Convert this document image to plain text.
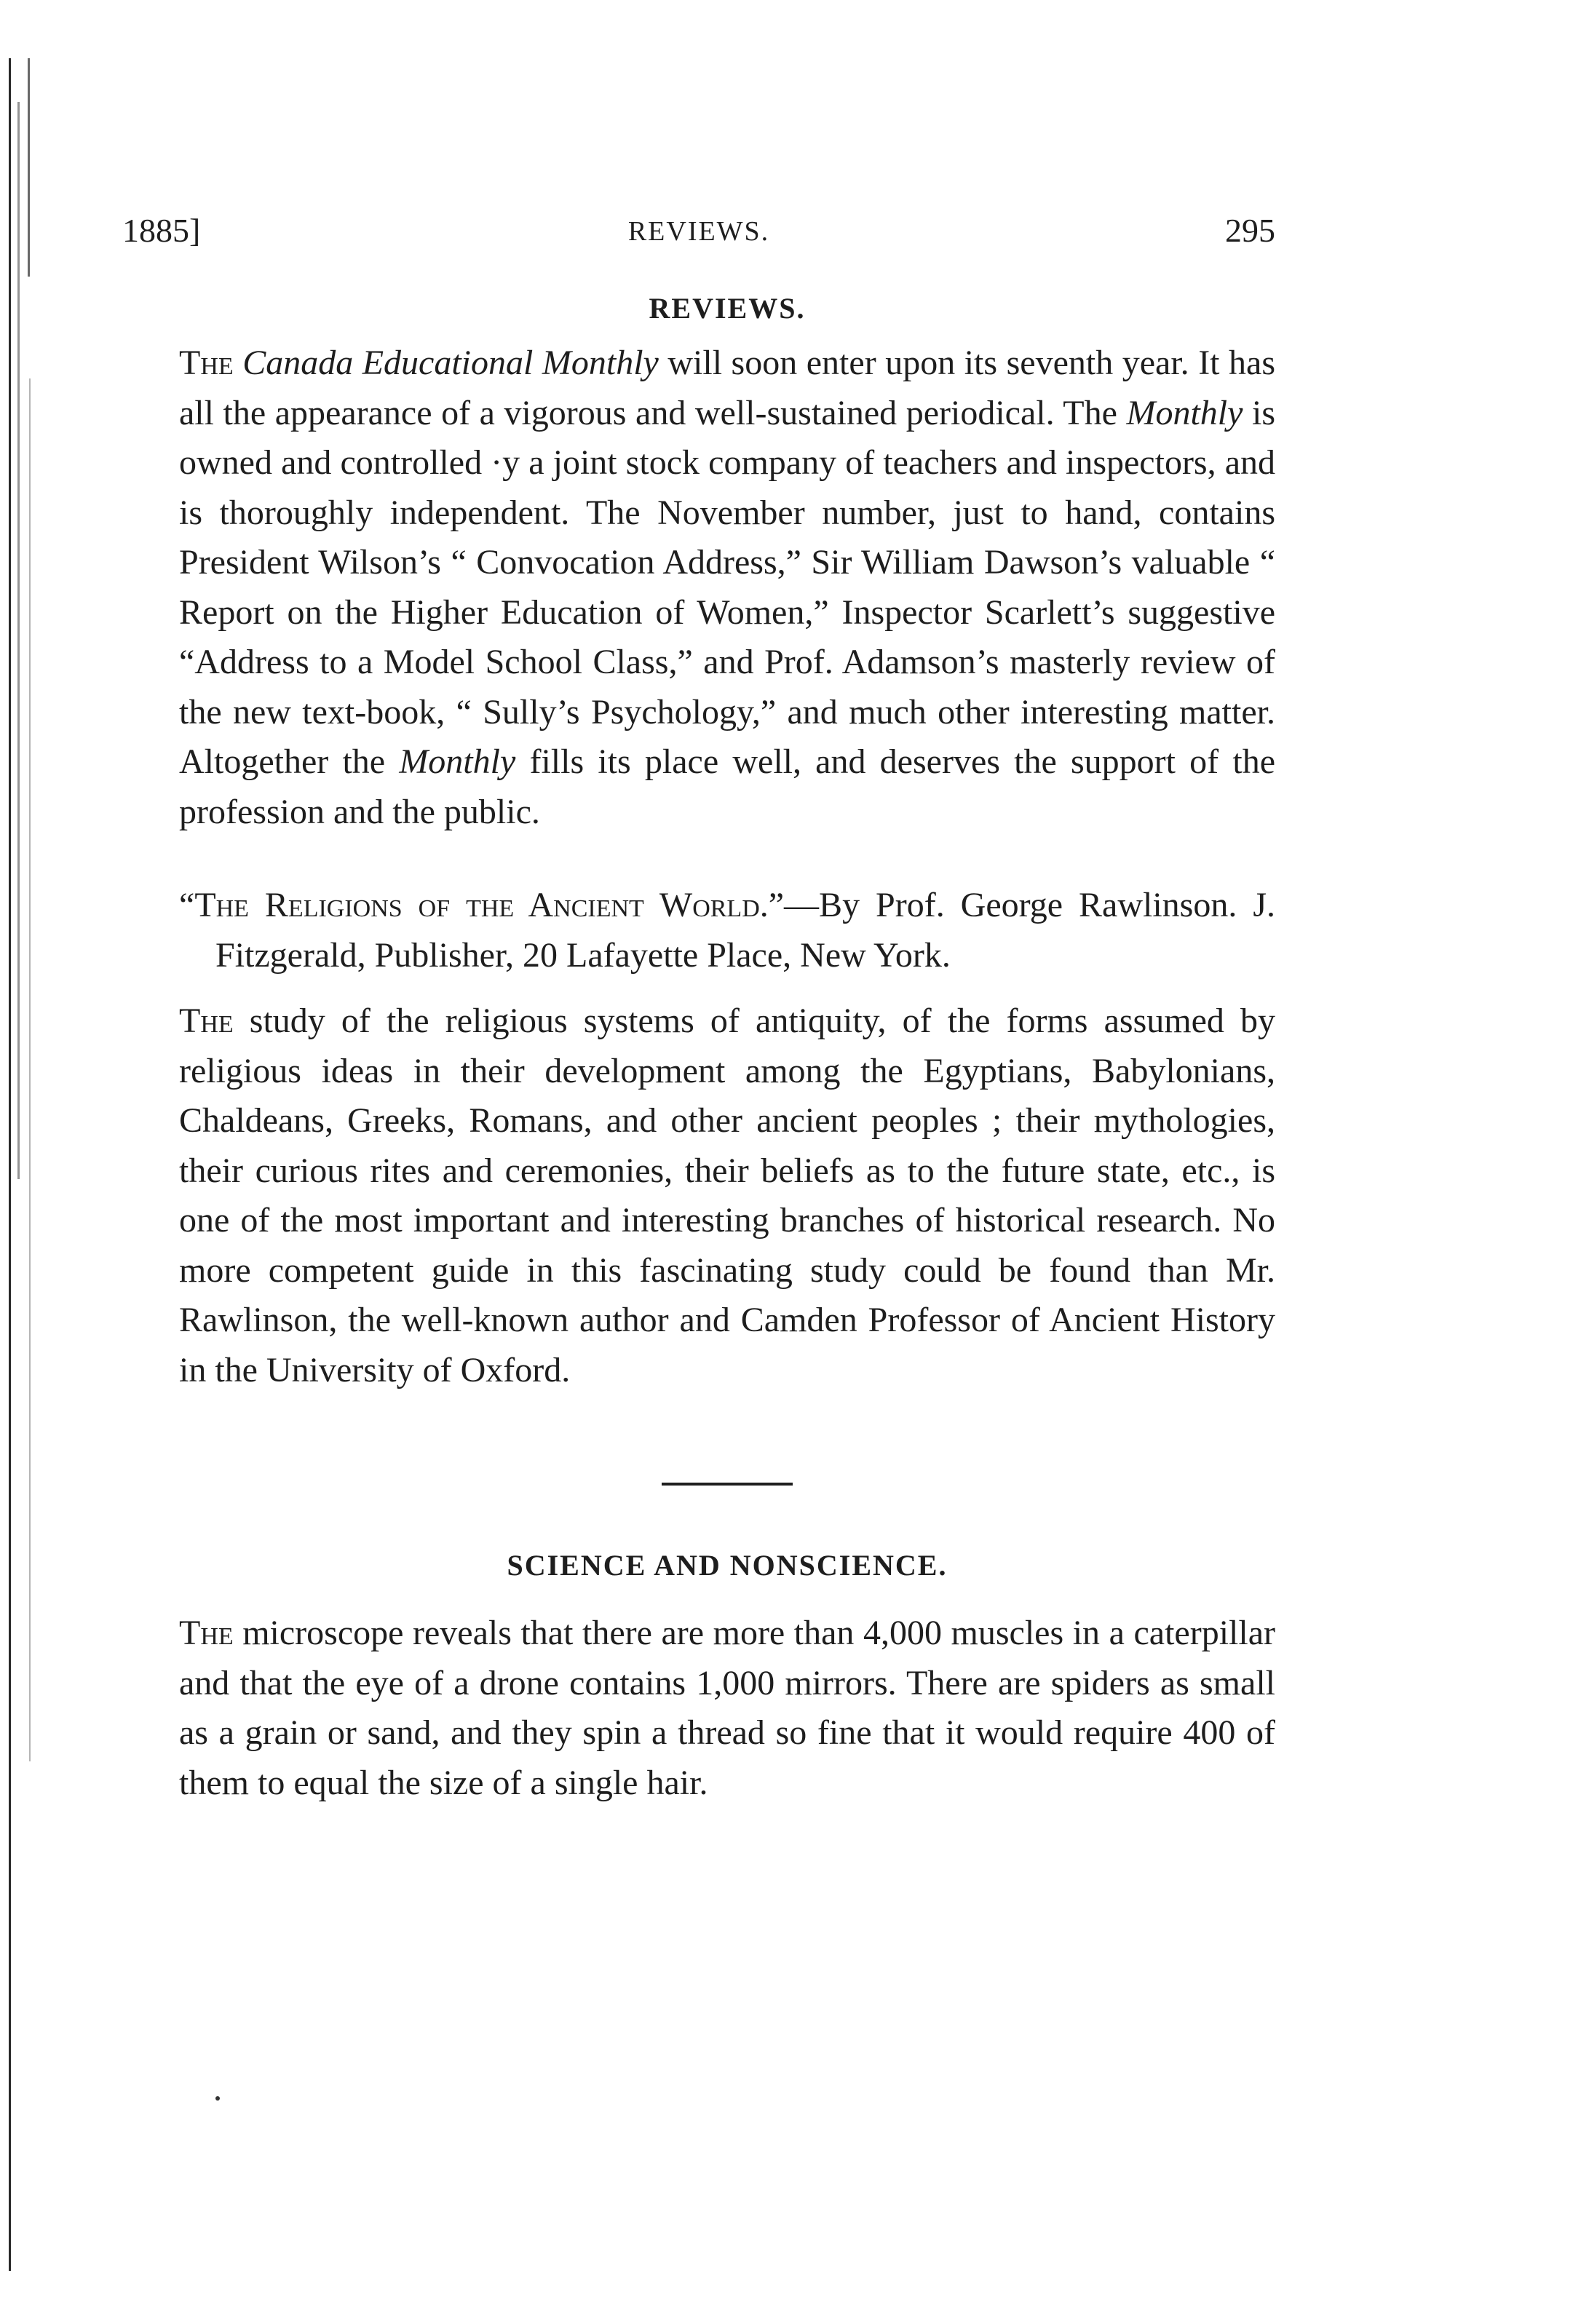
1885]	REVIEWS.	295
REVIEWS.

The Canada Educational Monthly will soon enter upon its seventh year. It has all the appearance of a vigorous and well-sustained periodical. The Monthly is owned and controlled ·y a joint stock company of teachers and inspectors, and is thoroughly independent. The November number, just to hand, contains President Wilson’s “ Convocation Address,” Sir William Dawson’s valuable “ Report on the Higher Education of Women,” Inspector Scarlett’s suggestive “Address to a Model School Class,” and Prof. Adamson’s masterly review of the new text-book, “ Sully’s Psychology,” and much other interesting matter. Altogether the Monthly fills its place well, and deserves the support of the profession and the public.

“The Religions of the Ancient World.”—By Prof. George Rawlinson. J. Fitzgerald, Publisher, 20 Lafayette Place, New York.

The study of the religious systems of antiquity, of the forms assumed by religious ideas in their development among the Egyptians, Babylonians, Chaldeans, Greeks, Romans, and other ancient peoples ; their mythologies, their curious rites and ceremonies, their beliefs as to the future state, etc., is one of the most important and interesting branches of historical research. No more competent guide in this fascinating study could be found than Mr. Rawlinson, the well-known author and Camden Professor of Ancient History in the University of Oxford.

SCIENCE AND NONSCIENCE.

The microscope reveals that there are more than 4,000 muscles in a caterpillar and that the eye of a drone contains 1,000 mirrors. There are spiders as small as a grain or sand, and they spin a thread so fine that it would require 400 of them to equal the size of a single hair.
